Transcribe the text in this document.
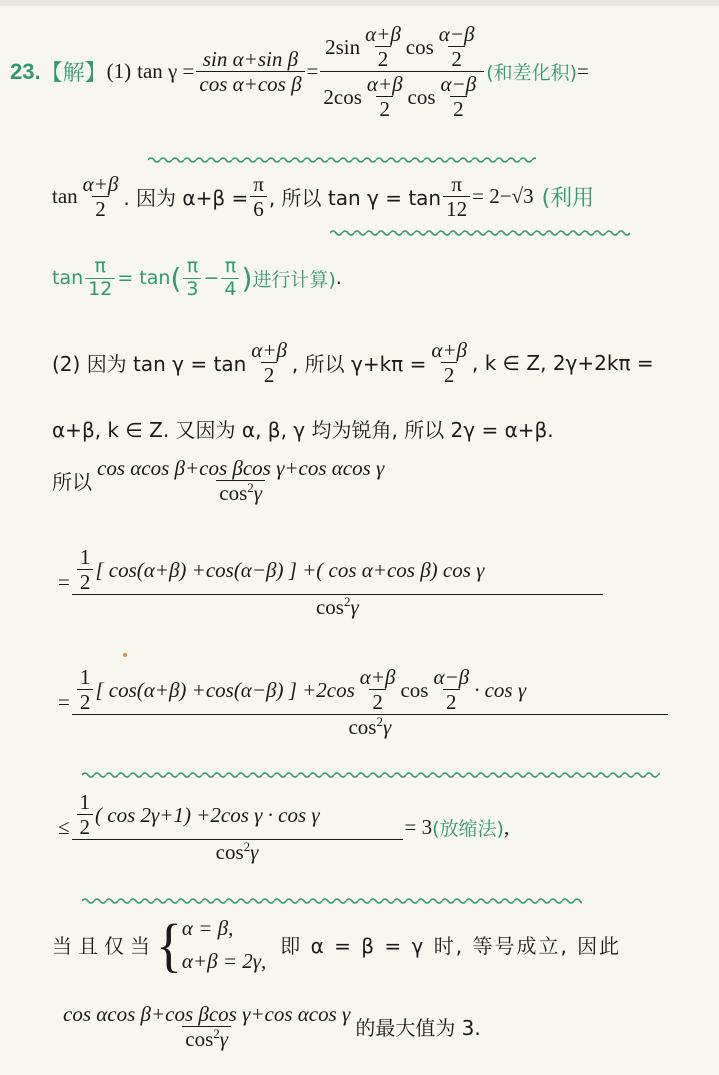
23. 【解】 (1) $\tan \gamma = \frac{\text{sin α+sin β}}{\text{cos α+cos β}} = \frac{2\sin \frac{\alpha+\beta}{2} \cos \frac{\alpha-\beta}{2}}{2\cos \frac{\alpha+\beta}{2} \cos \frac{\alpha-\beta}{2}}$ (和差化积) =
$\tan \frac{\alpha+\beta}{2}$ . 因为 $\alpha+\beta = \frac{\pi}{6}$ , 所以 $\tan \gamma = \tan \frac{\pi}{12} = 2-√3$ (利用
$\tan \frac{\pi}{12} = \tan$ ( $\frac{\pi}{3} - \frac{\pi}{4}$ ) 进行计算) .
(2) 因为 $\tan \gamma = \tan \frac{\alpha+\beta}{2}$ , 所以 $\gamma+k\pi = \frac{\alpha+\beta}{2}$ , k ∈ Z, 2γ+2kπ =
α+β, k ∈ Z. 又因为 α, β, γ 均为锐角, 所以 2γ = α+β.
所以 $\frac{\text{cos αcos β+cos βcos γ+cos αcos γ}}{\cos^2\gamma}$
= $\frac{\frac{1}{2} [ \cos(\alpha+\beta) +\cos(\alpha-\beta) ] +( \cos \alpha+\cos \beta) \cos \gamma}{\cos^2\gamma}$
= $\frac{1}{2}$ [ cos(α+β) +cos(α−β) ] $+2\cos \frac{\alpha+\beta}{2}$ $\cos \frac{\alpha-\beta}{2} \cdot \cos \gamma$
$\cos^2\gamma$
≤ $\frac{\frac{1}{2} ( \cos 2\gamma+1) +2\cos \gamma \cdot \cos \gamma}{\cos^2\gamma} = 3$ (放缩法) ,
当且仅当 { α = β,
α+β = 2γ,
即 α = β = γ 时, 等号成立, 因此
$\frac{\text{cos αcos β+cos βcos γ+cos αcos γ}}{\cos^2\gamma}$ 的最大值为 3.
